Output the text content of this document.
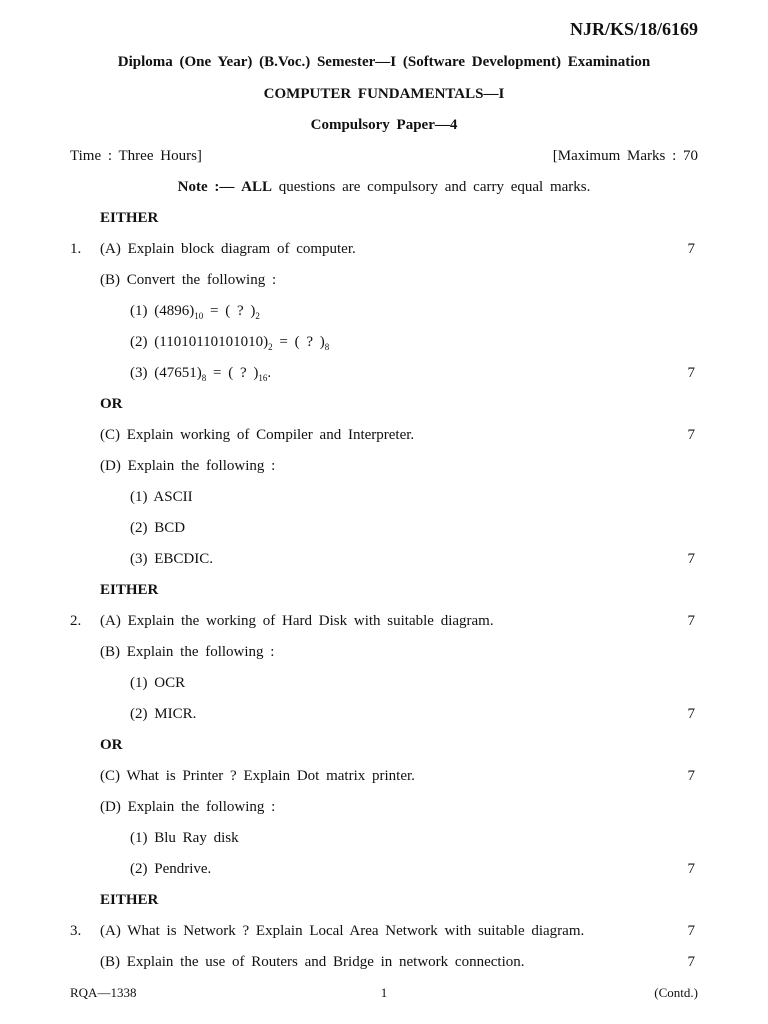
NJR/KS/18/6169
Diploma (One Year) (B.Voc.) Semester—I (Software Development) Examination
COMPUTER FUNDAMENTALS—I
Compulsory Paper—4
Time : Three Hours]	[Maximum Marks : 70
Note :— ALL questions are compulsory and carry equal marks.
EITHER
1. (A) Explain block diagram of computer.	7
(B) Convert the following :
(1) $(4896)_{10}$ = ( ? )$_2$
(2) $(11010110101010)_2$ = ( ? )$_8$
(3) $(47651)_8$ = ( ? )$_{16}$.	7
OR
(C) Explain working of Compiler and Interpreter.	7
(D) Explain the following :
(1) ASCII
(2) BCD
(3) EBCDIC.	7
EITHER
2. (A) Explain the working of Hard Disk with suitable diagram.	7
(B) Explain the following :
(1) OCR
(2) MICR.	7
OR
(C) What is Printer ? Explain Dot matrix printer.	7
(D) Explain the following :
(1) Blu Ray disk
(2) Pendrive.	7
EITHER
3. (A) What is Network ? Explain Local Area Network with suitable diagram.	7
(B) Explain the use of Routers and Bridge in network connection.	7
RQA—1338	1	(Contd.)
